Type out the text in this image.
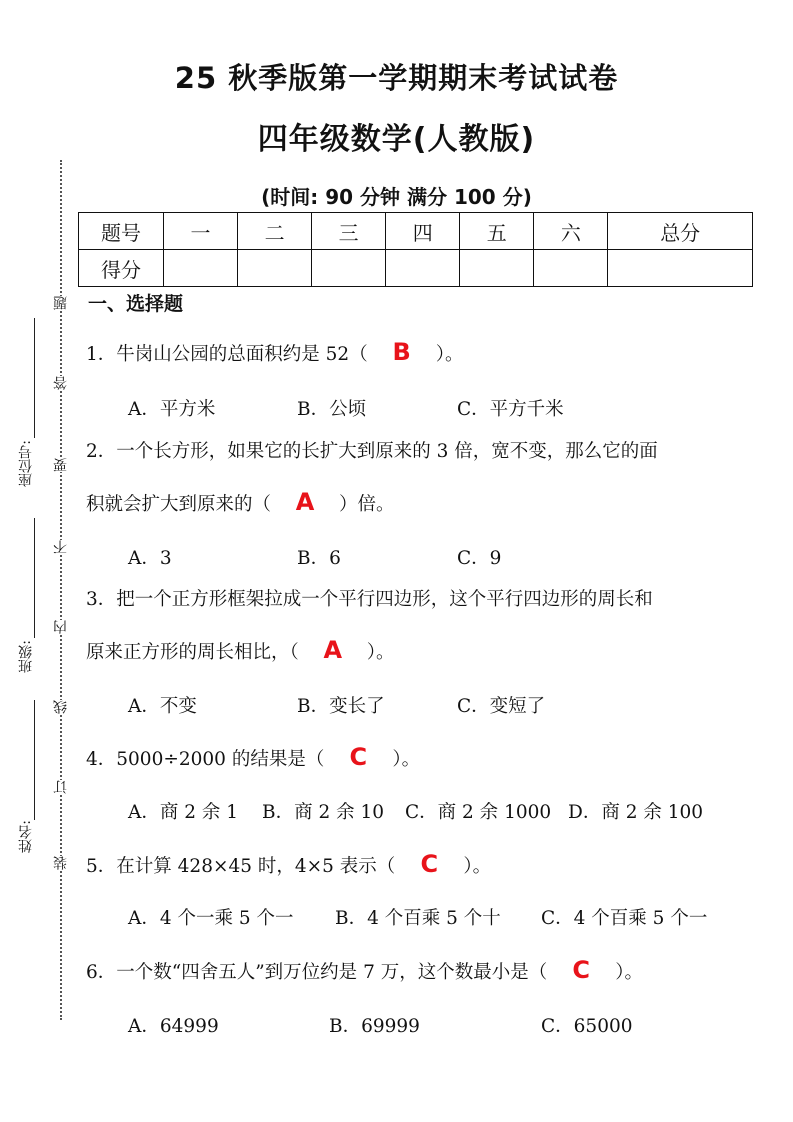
25 秋季版第一学期期末考试试卷
四年级数学(人教版)
(时间: 90 分钟 满分 100 分)
题号	一	二	三	四	五	六	总分
得分							
座位号:
班级:
姓名:
题
答
要
不
内
线
订
装
一、选择题
1．牛岗山公园的总面积约是 52（ B ）。
A．平方米	B．公顷	C．平方千米
2．一个长方形，如果它的长扩大到原来的 3 倍，宽不变，那么它的面
积就会扩大到原来的（ A ）倍。
A．3	B．6	C．9
3．把一个正方形框架拉成一个平行四边形，这个平行四边形的周长和
原来正方形的周长相比，（ A ）。
A．不变	B．变长了	C．变短了
4．5000÷2000 的结果是（ C ）。
A．商 2 余 1 B．商 2 余 10 C．商 2 余 1000 D．商 2 余 100
5．在计算 428×45 时，4×5 表示（ C ）。
A．4 个一乘 5 个一 B．4 个百乘 5 个十 C．4 个百乘 5 个一
6．一个数“四舍五人”到万位约是 7 万，这个数最小是（ C ）。
A．64999	B．69999	C．65000
